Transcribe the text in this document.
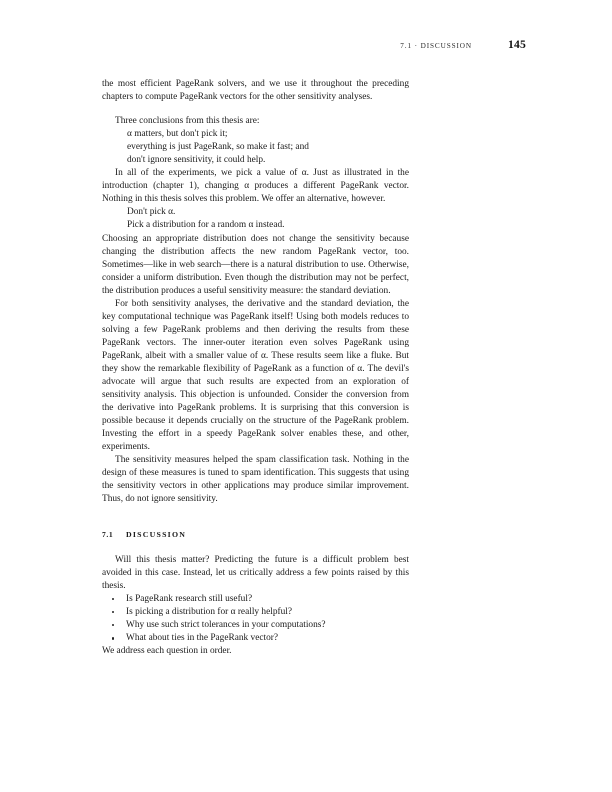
7.1 · DISCUSSION	145

the most efficient PageRank solvers, and we use it throughout the preceding chapters to compute PageRank vectors for the other sensitivity analyses.

Three conclusions from this thesis are:

α matters, but don't pick it;
everything is just PageRank, so make it fast; and
don't ignore sensitivity, it could help.

In all of the experiments, we pick a value of α. Just as illustrated in the introduction (chapter 1), changing α produces a different PageRank vector. Nothing in this thesis solves this problem. We offer an alternative, however.

Don't pick α.

Pick a distribution for a random α instead.

Choosing an appropriate distribution does not change the sensitivity because changing the distribution affects the new random PageRank vector, too. Sometimes—like in web search—there is a natural distribution to use. Otherwise, consider a uniform distribution. Even though the distribution may not be perfect, the distribution produces a useful sensitivity measure: the standard deviation.

For both sensitivity analyses, the derivative and the standard deviation, the key computational technique was PageRank itself! Using both models reduces to solving a few PageRank problems and then deriving the results from these PageRank vectors. The inner-outer iteration even solves PageRank using PageRank, albeit with a smaller value of α. These results seem like a fluke. But they show the remarkable flexibility of PageRank as a function of α. The devil's advocate will argue that such results are expected from an exploration of sensitivity analysis. This objection is unfounded. Consider the conversion from the derivative into PageRank problems. It is surprising that this conversion is possible because it depends crucially on the structure of the PageRank problem. Investing the effort in a speedy PageRank solver enables these, and other, experiments.

The sensitivity measures helped the spam classification task. Nothing in the design of these measures is tuned to spam identification. This suggests that using the sensitivity vectors in other applications may produce similar improvement. Thus, do not ignore sensitivity.

7.1	DISCUSSION

Will this thesis matter? Predicting the future is a difficult problem best avoided in this case. Instead, let us critically address a few points raised by this thesis.

Is PageRank research still useful?
Is picking a distribution for α really helpful?
Why use such strict tolerances in your computations?
What about ties in the PageRank vector?

We address each question in order.
